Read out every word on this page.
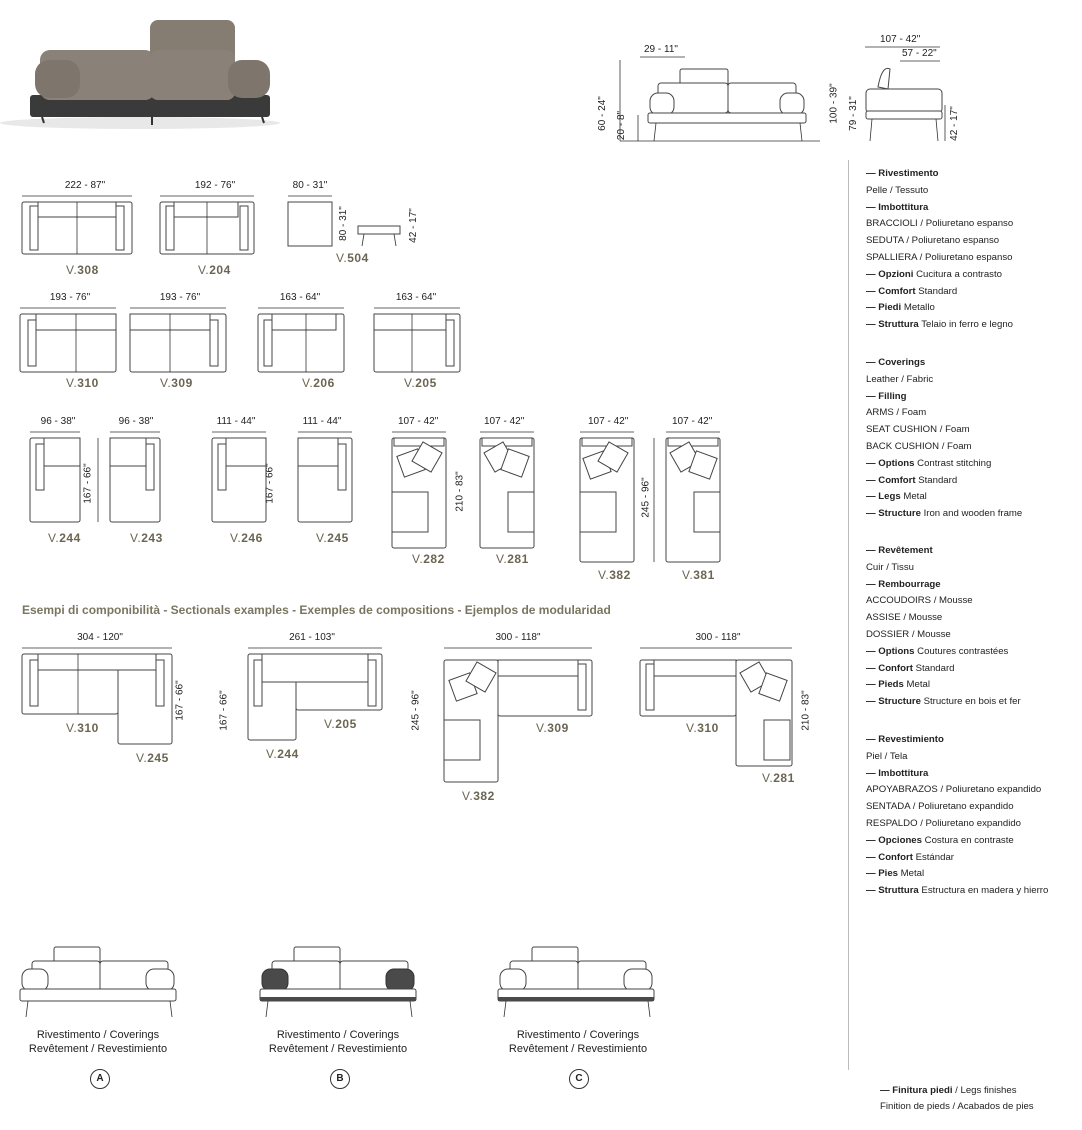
29 - 11"
60 - 24" 20 - 8"
107 - 42"
57 - 22"
100 - 39" 79 - 31"	42 - 17"
222 - 87"
V.308
192 - 76"
V.204
80 - 31"
80 - 31"	42 - 17"
V.504
193 - 76"
V.310
193 - 76"
V.309
163 - 64"
V.206
163 - 64"
V.205
96 - 38"
V.244
96 - 38"
167 - 66"
V.243
111 - 44"
V.246
111 - 44"
167 - 66"
V.245
107 - 42"
210 - 83"
V.282
107 - 42"
V.281
107 - 42"
245 - 96"
V.382
107 - 42"
V.381
Esempi di componibilità - Sectionals examples - Exemples de compositions - Ejemplos de modularidad
304 - 120"
167 - 66"
V.310
V.245
261 - 103"
167 - 66"	V.205
V.244
300 - 118"
245 - 96"	V.309
V.382
300 - 118"
210 - 83"
V.310
V.281
Rivestimento / Coverings
Revêtement / Revestimiento
A
Rivestimento / Coverings
Revêtement / Revestimiento
B
Rivestimento / Coverings
Revêtement / Revestimiento
C
— Rivestimento
Pelle / Tessuto
— Imbottitura
BRACCIOLI / Poliuretano espanso
SEDUTA / Poliuretano espanso
SPALLIERA / Poliuretano espanso
— Opzioni Cucitura a contrasto
— Comfort Standard
— Piedi Metallo
— Struttura Telaio in ferro e legno
— Coverings
Leather / Fabric
— Filling
ARMS / Foam
SEAT CUSHION / Foam
BACK CUSHION / Foam
— Options Contrast stitching
— Comfort Standard
— Legs Metal
— Structure Iron and wooden frame
— Revêtement
Cuir / Tissu
— Rembourrage
ACCOUDOIRS / Mousse
ASSISE / Mousse
DOSSIER / Mousse
— Options Coutures contrastées
— Confort Standard
— Pieds Metal
— Structure Structure en bois et fer
— Revestimiento
Piel / Tela
— Imbottitura
APOYABRAZOS / Poliuretano expandido
SENTADA / Poliuretano expandido
RESPALDO / Poliuretano expandido
— Opciones Costura en contraste
— Confort Estándar
— Pies Metal
— Struttura Estructura en madera y hierro
— Finitura piedi / Legs finishes
Finition de pieds / Acabados de pies
